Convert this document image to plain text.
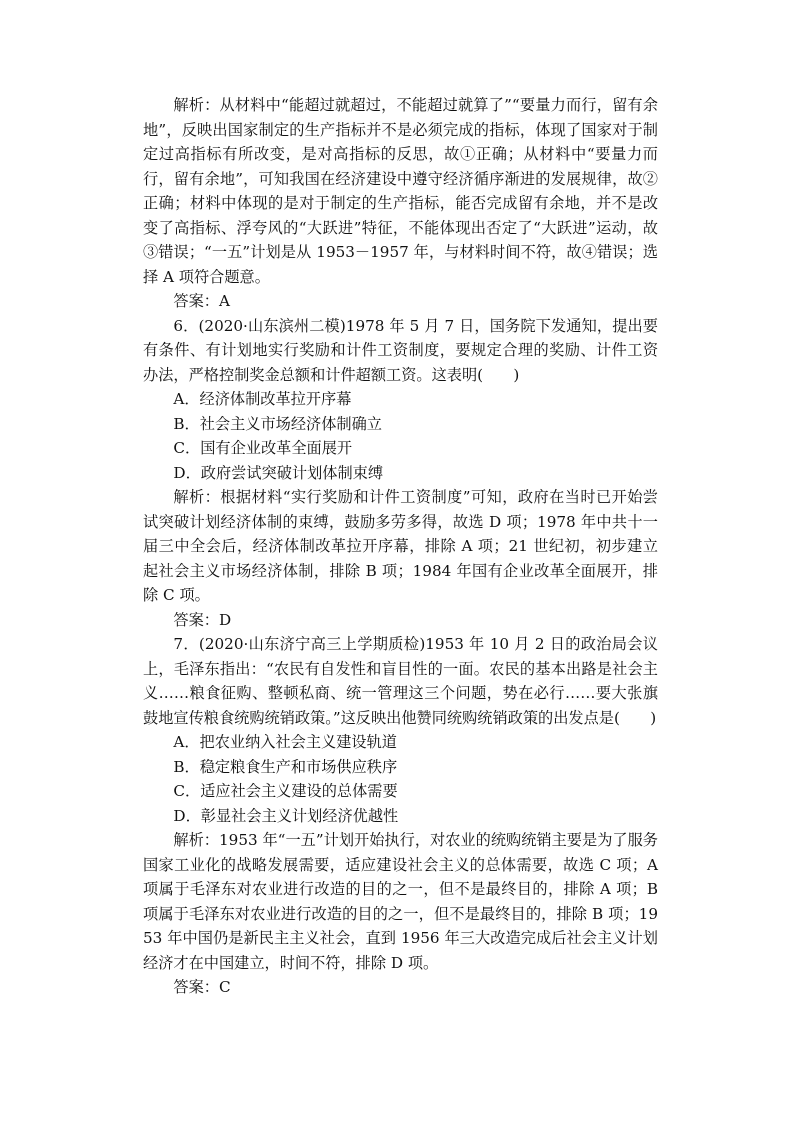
解析：从材料中“能超过就超过，不能超过就算了”“要量力而行，留有余地”，反映出国家制定的生产指标并不是必须完成的指标，体现了国家对于制定过高指标有所改变，是对高指标的反思，故①正确；从材料中“要量力而行，留有余地”，可知我国在经济建设中遵守经济循序渐进的发展规律，故②正确；材料中体现的是对于制定的生产指标，能否完成留有余地，并不是改变了高指标、浮夸风的“大跃进”特征，不能体现出否定了“大跃进”运动，故③错误；“一五”计划是从 1953－1957 年，与材料时间不符，故④错误；选择 A 项符合题意。

答案：A

6．(2020·山东滨州二模)1978 年 5 月 7 日，国务院下发通知，提出要有条件、有计划地实行奖励和计件工资制度，要规定合理的奖励、计件工资办法，严格控制奖金总额和计件超额工资。这表明(　　)

A．经济体制改革拉开序幕

B．社会主义市场经济体制确立

C．国有企业改革全面展开

D．政府尝试突破计划体制束缚

解析：根据材料“实行奖励和计件工资制度”可知，政府在当时已开始尝试突破计划经济体制的束缚，鼓励多劳多得，故选 D 项；1978 年中共十一届三中全会后，经济体制改革拉开序幕，排除 A 项；21 世纪初，初步建立起社会主义市场经济体制，排除 B 项；1984 年国有企业改革全面展开，排除 C 项。

答案：D

7．(2020·山东济宁高三上学期质检)1953 年 10 月 2 日的政治局会议上，毛泽东指出：“农民有自发性和盲目性的一面。农民的基本出路是社会主义……粮食征购、整顿私商、统一管理这三个问题，势在必行……要大张旗鼓地宣传粮食统购统销政策。”这反映出他赞同统购统销政策的出发点是(　　)

A．把农业纳入社会主义建设轨道

B．稳定粮食生产和市场供应秩序

C．适应社会主义建设的总体需要

D．彰显社会主义计划经济优越性

解析：1953 年“一五”计划开始执行，对农业的统购统销主要是为了服务国家工业化的战略发展需要，适应建设社会主义的总体需要，故选 C 项；A 项属于毛泽东对农业进行改造的目的之一，但不是最终目的，排除 A 项；B 项属于毛泽东对农业进行改造的目的之一，但不是最终目的，排除 B 项；1953 年中国仍是新民主主义社会，直到 1956 年三大改造完成后社会主义计划经济才在中国建立，时间不符，排除 D 项。

答案：C
